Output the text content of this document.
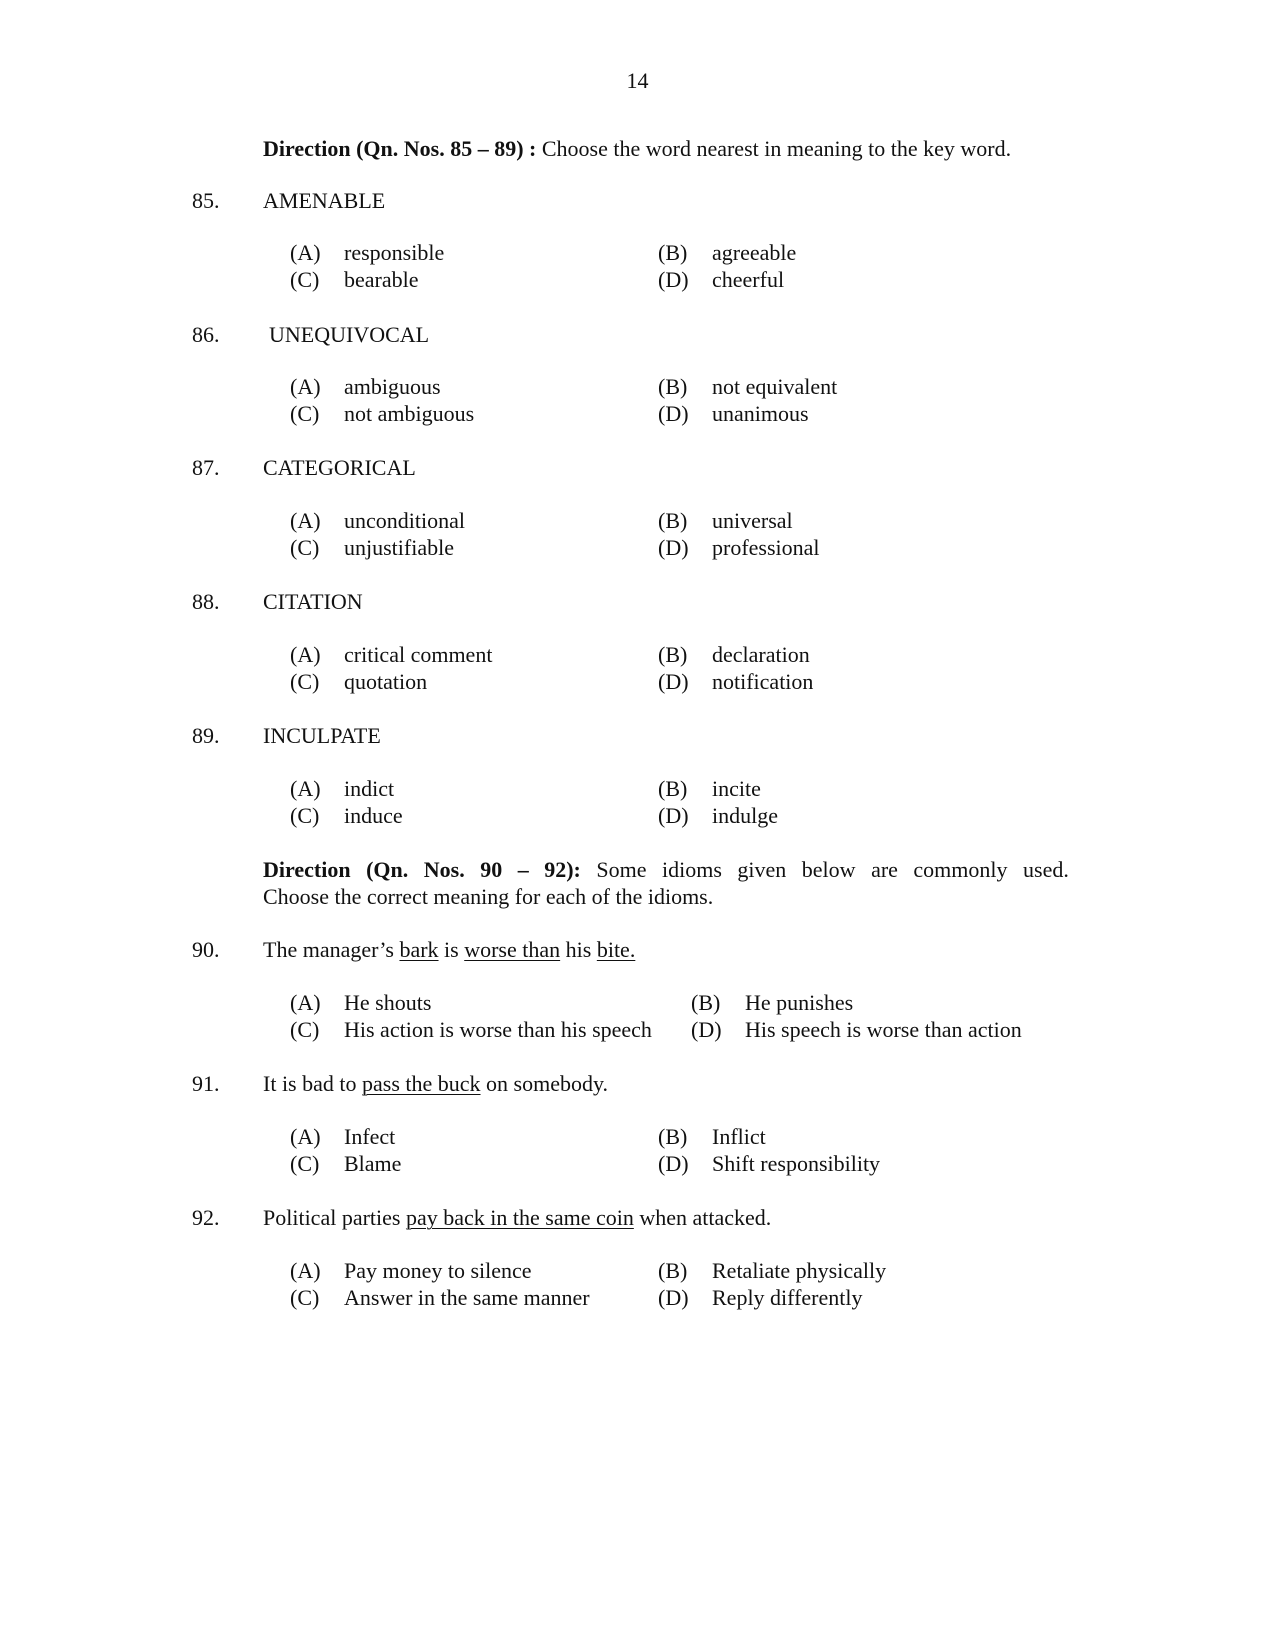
14
Direction (Qn. Nos. 85 – 89) : Choose the word nearest in meaning to the key word.
85. AMENABLE
(A) responsible	(B) agreeable
(C) bearable	(D) cheerful
86. UNEQUIVOCAL
(A) ambiguous	(B) not equivalent
(C) not ambiguous	(D) unanimous
87. CATEGORICAL
(A) unconditional	(B) universal
(C) unjustifiable	(D) professional
88. CITATION
(A) critical comment	(B) declaration
(C) quotation	(D) notification
89. INCULPATE
(A) indict	(B) incite
(C) induce	(D) indulge
Direction (Qn. Nos. 90 – 92): Some idioms given below are commonly used.
Choose the correct meaning for each of the idioms.
90. The manager’s bark is worse than his bite.
(A) He shouts	(B) He punishes
(C) His action is worse than his speech (D) His speech is worse than action
91. It is bad to pass the buck on somebody.
(A) Infect	(B) Inflict
(C) Blame	(D) Shift responsibility
92. Political parties pay back in the same coin when attacked.
(A) Pay money to silence	(B) Retaliate physically
(C) Answer in the same manner	(D) Reply differently
